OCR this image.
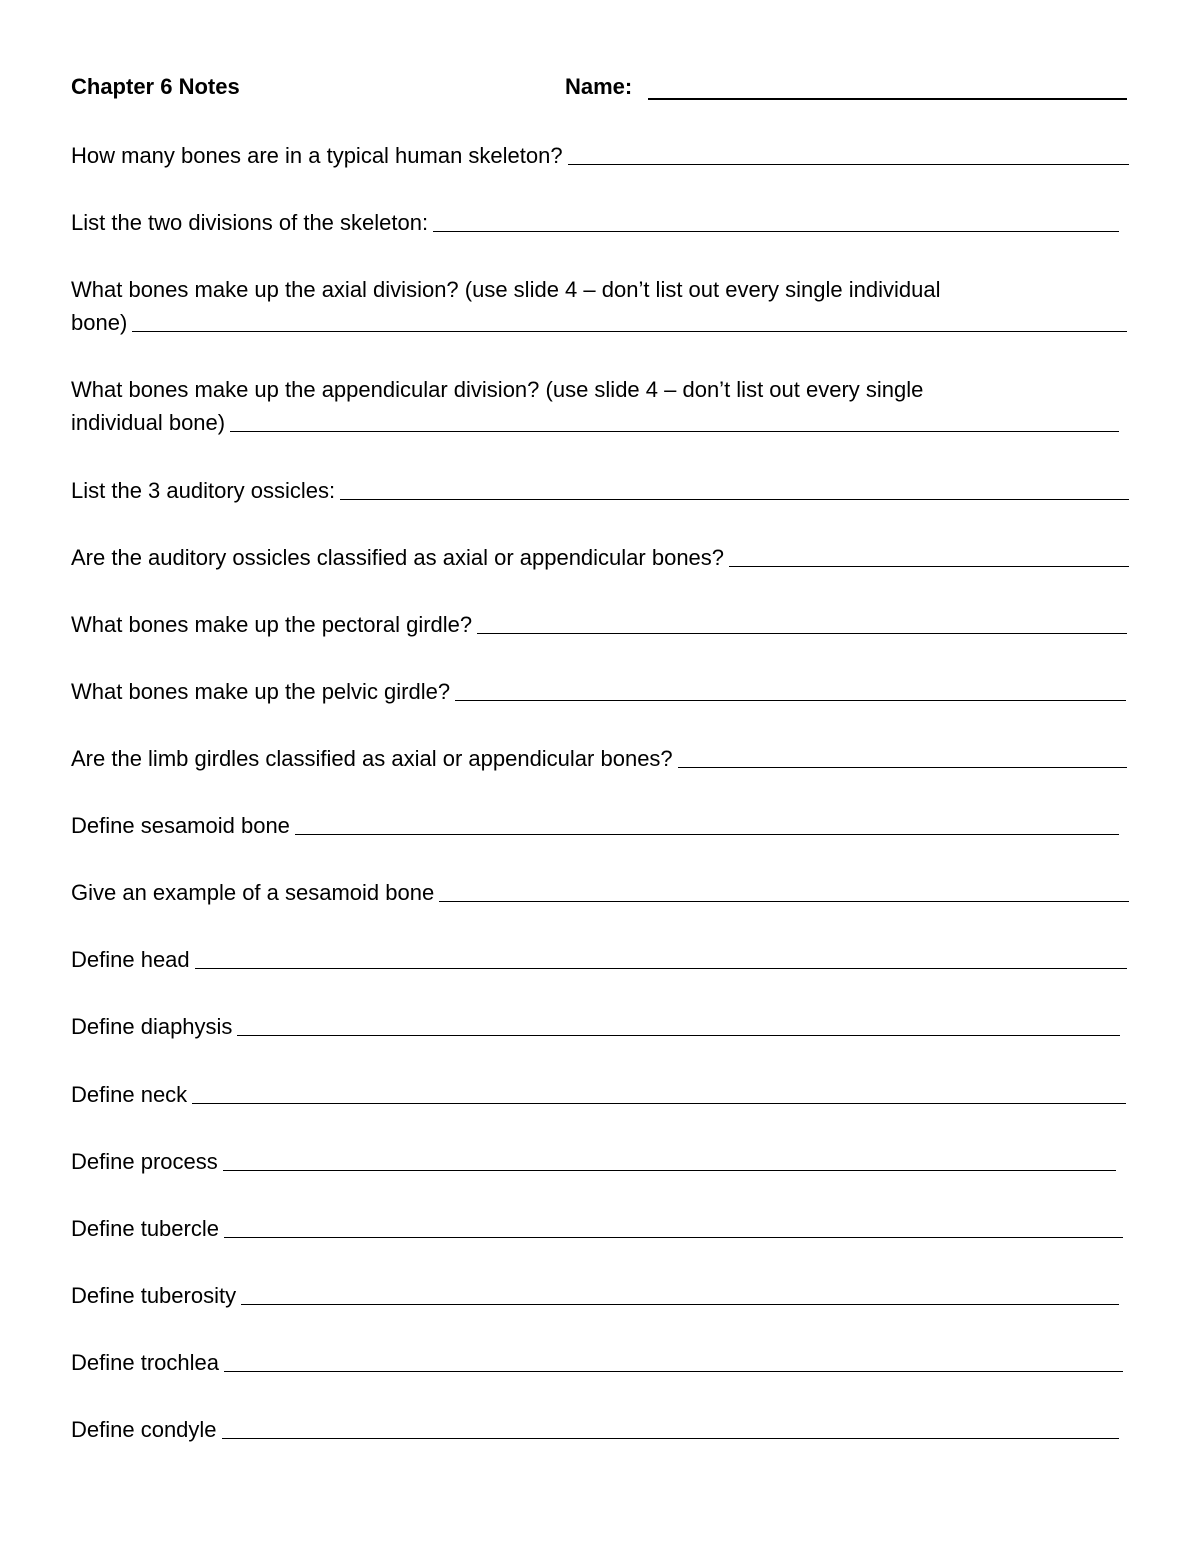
Chapter 6 Notes	Name:
How many bones are in a typical human skeleton?
List the two divisions of the skeleton:
What bones make up the axial division? (use slide 4 – don’t list out every single individual
bone)
What bones make up the appendicular division? (use slide 4 – don’t list out every single
individual bone)
List the 3 auditory ossicles:
Are the auditory ossicles classified as axial or appendicular bones?
What bones make up the pectoral girdle?
What bones make up the pelvic girdle?
Are the limb girdles classified as axial or appendicular bones?
Define sesamoid bone
Give an example of a sesamoid bone
Define head
Define diaphysis
Define neck
Define process
Define tubercle
Define tuberosity
Define trochlea
Define condyle
